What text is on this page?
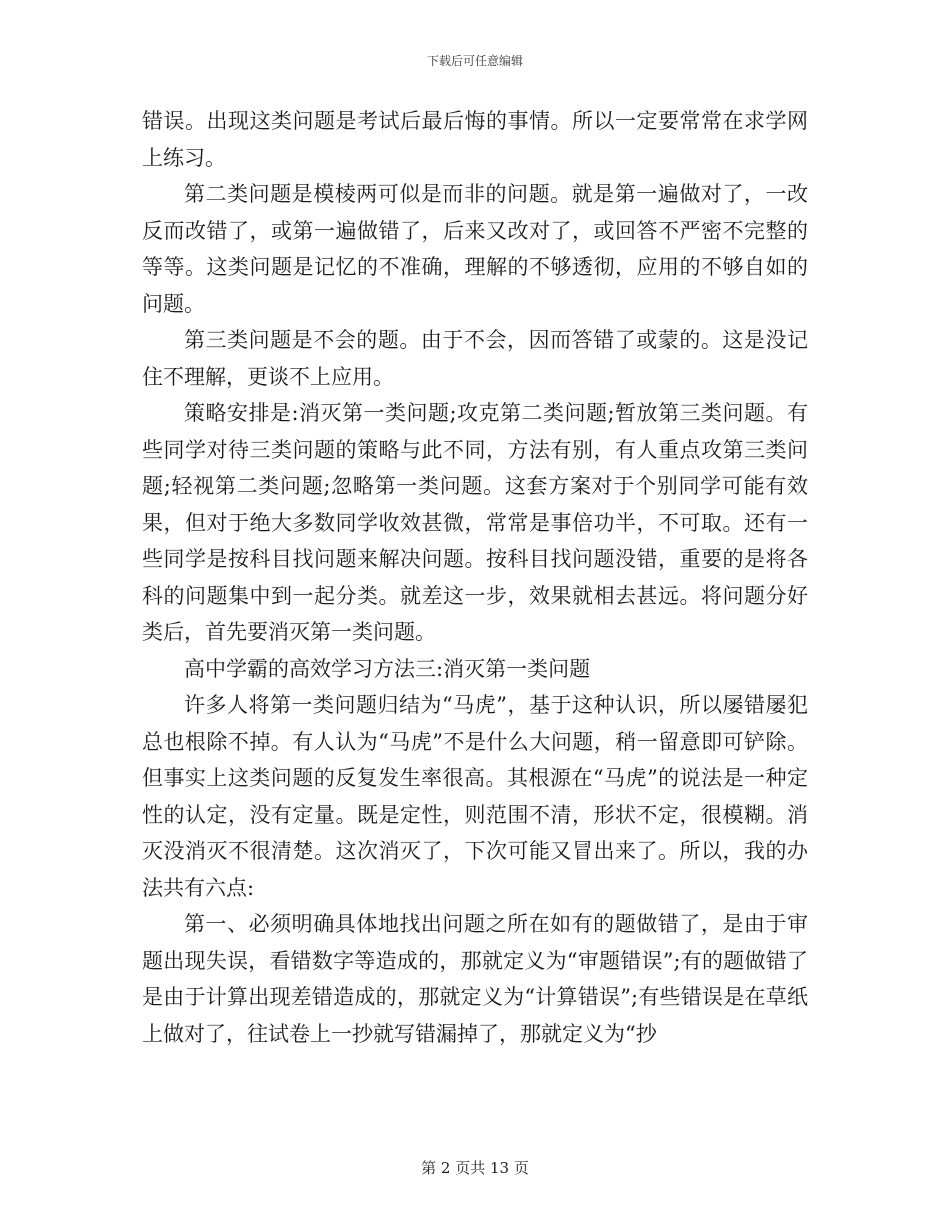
下载后可任意编辑

错误。出现这类问题是考试后最后悔的事情。所以一定要常常在求学网上练习。

第二类问题是模棱两可似是而非的问题。就是第一遍做对了，一改反而改错了，或第一遍做错了，后来又改对了，或回答不严密不完整的等等。这类问题是记忆的不准确，理解的不够透彻，应用的不够自如的问题。

第三类问题是不会的题。由于不会，因而答错了或蒙的。这是没记住不理解，更谈不上应用。

策略安排是:消灭第一类问题;攻克第二类问题;暂放第三类问题。有些同学对待三类问题的策略与此不同，方法有别，有人重点攻第三类问题;轻视第二类问题;忽略第一类问题。这套方案对于个别同学可能有效果，但对于绝大多数同学收效甚微，常常是事倍功半，不可取。还有一些同学是按科目找问题来解决问题。按科目找问题没错，重要的是将各科的问题集中到一起分类。就差这一步，效果就相去甚远。将问题分好类后，首先要消灭第一类问题。

高中学霸的高效学习方法三:消灭第一类问题

许多人将第一类问题归结为“马虎”，基于这种认识，所以屡错屡犯总也根除不掉。有人认为“马虎”不是什么大问题，稍一留意即可铲除。但事实上这类问题的反复发生率很高。其根源在“马虎”的说法是一种定性的认定，没有定量。既是定性，则范围不清，形状不定，很模糊。消灭没消灭不很清楚。这次消灭了，下次可能又冒出来了。所以，我的办法共有六点:

第一、必须明确具体地找出问题之所在如有的题做错了，是由于审题出现失误，看错数字等造成的，那就定义为“审题错误”;有的题做错了是由于计算出现差错造成的，那就定义为“计算错误”;有些错误是在草纸上做对了，往试卷上一抄就写错漏掉了，那就定义为“抄

第 2 页共 13 页
